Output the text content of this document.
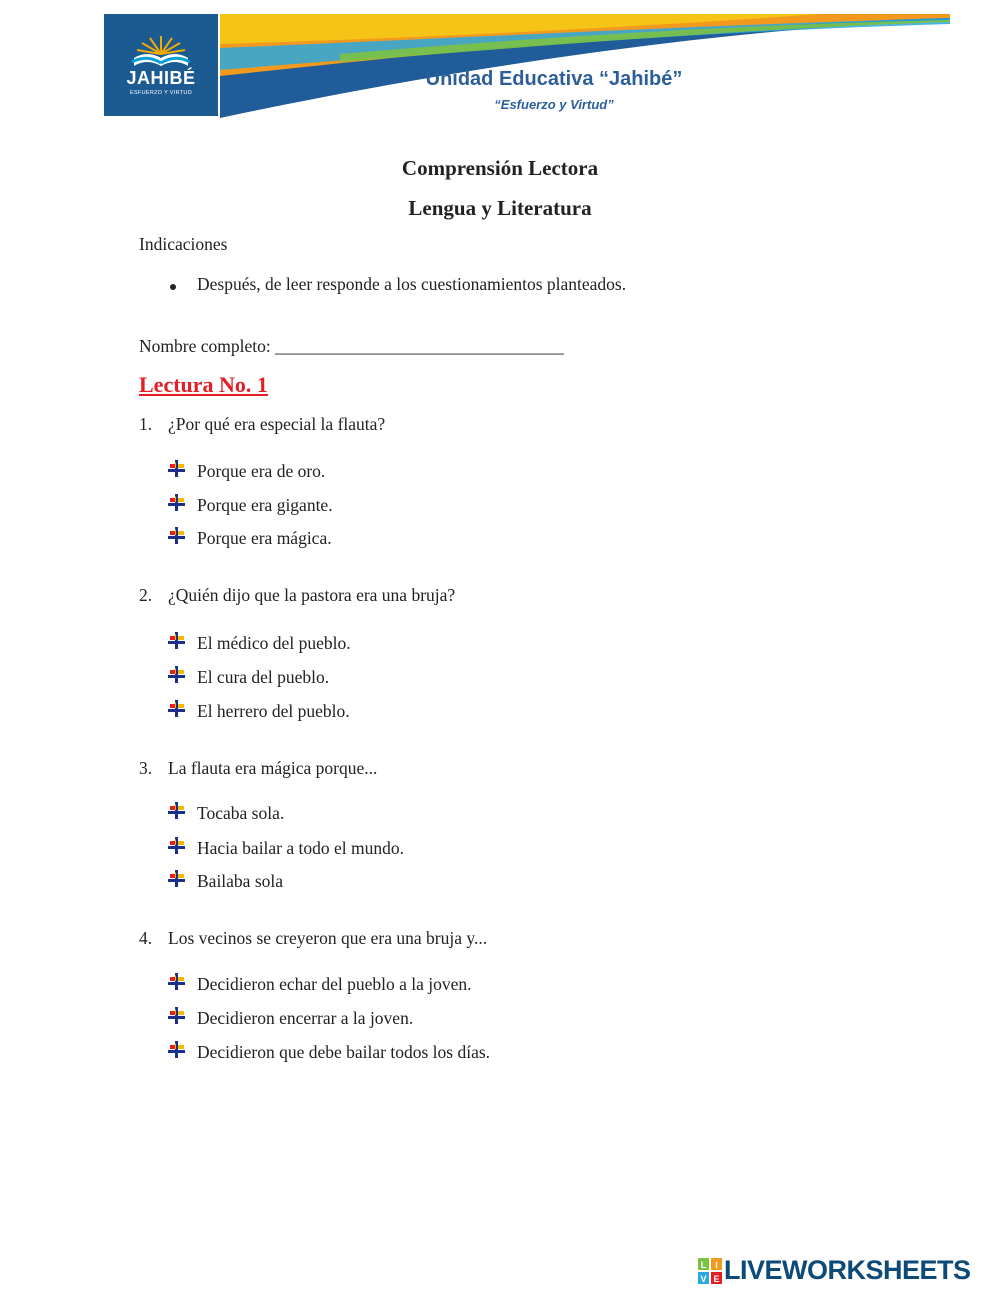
JAHIBÉ
ESFUERZO Y VIRTUD
Unidad Educativa “Jahibé”
“Esfuerzo y Virtud”
Comprensión Lectora
Lengua y Literatura
Indicaciones
Después, de leer responde a los cuestionamientos planteados.
Nombre completo: _________________________________
Lectura No. 1
1. ¿Por qué era especial la flauta?
Porque era de oro.
Porque era gigante.
Porque era mágica.
2. ¿Quién dijo que la pastora era una bruja?
El médico del pueblo.
El cura del pueblo.
El herrero del pueblo.
3. La flauta era mágica porque...
Tocaba sola.
Hacia bailar a todo el mundo.
Bailaba sola
4. Los vecinos se creyeron que era una bruja y...
Decidieron echar del pueblo a la joven.
Decidieron encerrar a la joven.
Decidieron que debe bailar todos los días.
L I
V E LIVEWORKSHEETS
